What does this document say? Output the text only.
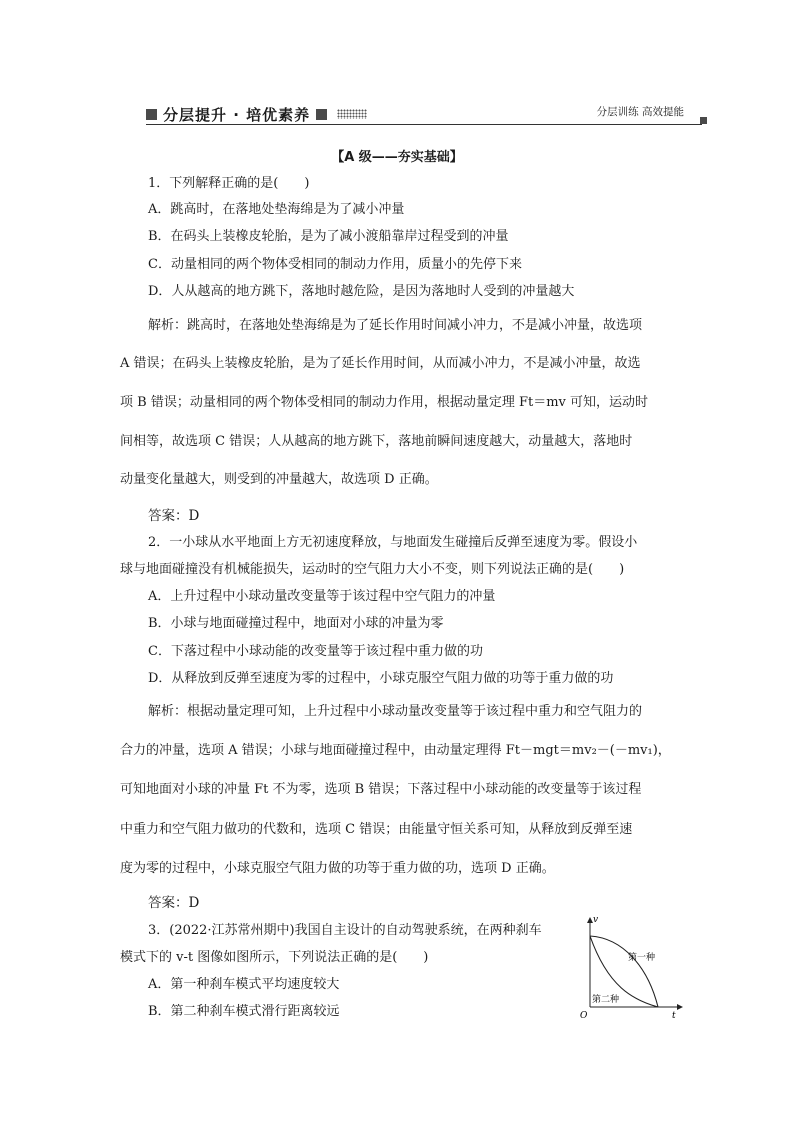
分层提升 · 培优素养	分层训练 高效提能
【A 级——夯实基础】
1．下列解释正确的是(　　)
A．跳高时，在落地处垫海绵是为了减小冲量
B．在码头上装橡皮轮胎，是为了减小渡船靠岸过程受到的冲量
C．动量相同的两个物体受相同的制动力作用，质量小的先停下来
D．人从越高的地方跳下，落地时越危险，是因为落地时人受到的冲量越大
解析：跳高时，在落地处垫海绵是为了延长作用时间减小冲力，不是减小冲量，故选项
A 错误；在码头上装橡皮轮胎，是为了延长作用时间，从而减小冲力，不是减小冲量，故选
项 B 错误；动量相同的两个物体受相同的制动力作用，根据动量定理 Ft＝mv 可知，运动时
间相等，故选项 C 错误；人从越高的地方跳下，落地前瞬间速度越大，动量越大，落地时
动量变化量越大，则受到的冲量越大，故选项 D 正确。
答案：D
2．一小球从水平地面上方无初速度释放，与地面发生碰撞后反弹至速度为零。假设小
球与地面碰撞没有机械能损失，运动时的空气阻力大小不变，则下列说法正确的是(　　)
A．上升过程中小球动量改变量等于该过程中空气阻力的冲量
B．小球与地面碰撞过程中，地面对小球的冲量为零
C．下落过程中小球动能的改变量等于该过程中重力做的功
D．从释放到反弹至速度为零的过程中，小球克服空气阻力做的功等于重力做的功
解析：根据动量定理可知，上升过程中小球动量改变量等于该过程中重力和空气阻力的
合力的冲量，选项 A 错误；小球与地面碰撞过程中，由动量定理得 Ft－mgt＝mv₂－(－mv₁)，
可知地面对小球的冲量 Ft 不为零，选项 B 错误；下落过程中小球动能的改变量等于该过程
中重力和空气阻力做功的代数和，选项 C 错误；由能量守恒关系可知，从释放到反弹至速
度为零的过程中，小球克服空气阻力做的功等于重力做的功，选项 D 正确。
答案：D
3．(2022·江苏常州期中)我国自主设计的自动驾驶系统，在两种刹车
模式下的 v-t 图像如图所示，下列说法正确的是(　　)
A．第一种刹车模式平均速度较大
B．第二种刹车模式滑行距离较远
v
t
O
第一种
第二种
